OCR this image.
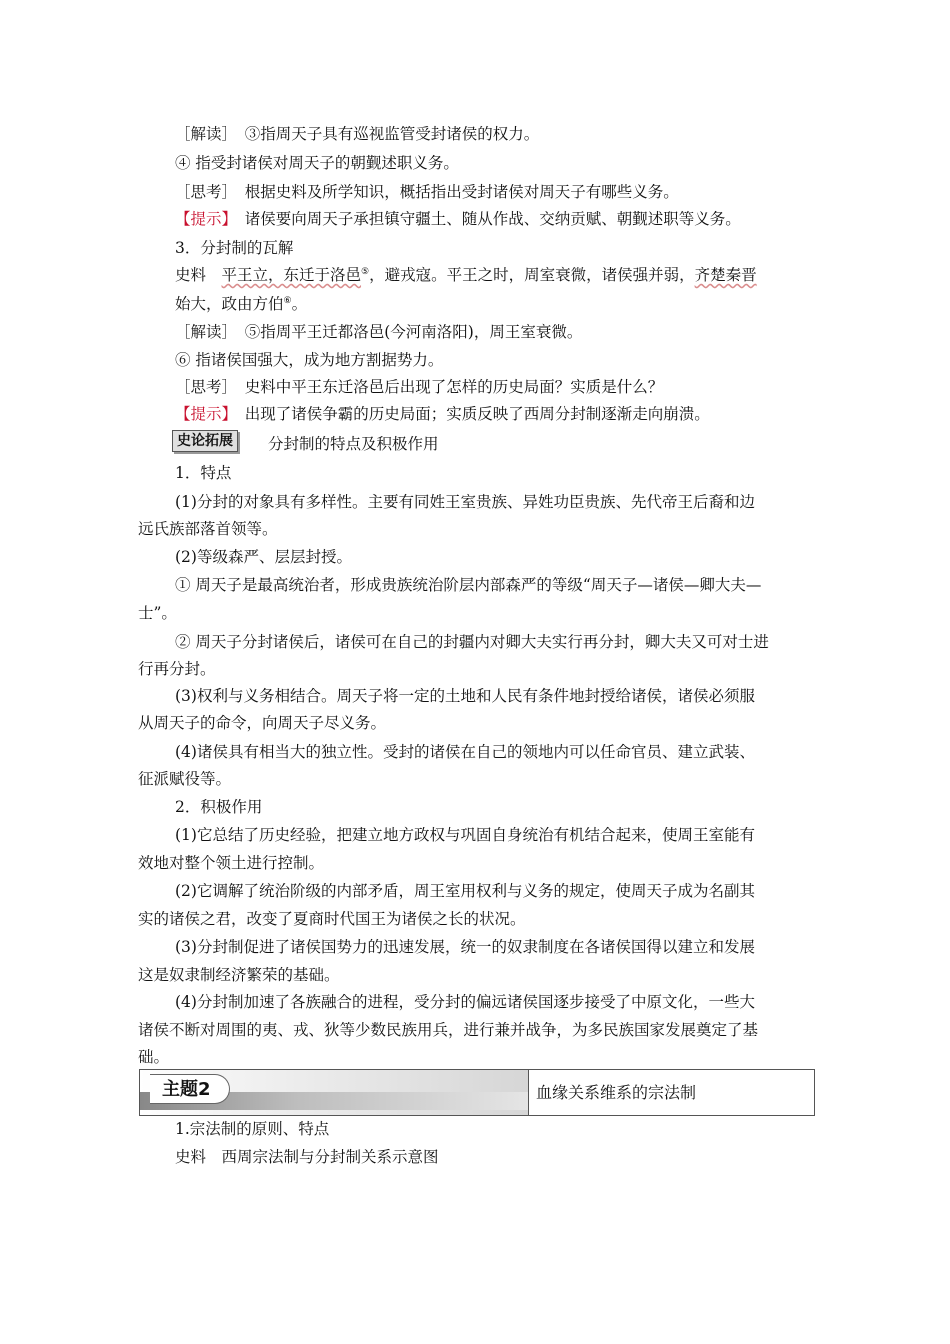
［解读］　③指周天子具有巡视监管受封诸侯的权力。
④ 指受封诸侯对周天子的朝觐述职义务。
［思考］　根据史料及所学知识，概括指出受封诸侯对周天子有哪些义务。
【提示】　诸侯要向周天子承担镇守疆土、随从作战、交纳贡赋、朝觐述职等义务。
3．分封制的瓦解
史料　平王立，东迁于洛邑⑤，避戎寇。平王之时，周室衰微，诸侯强并弱，齐楚秦晋
始大，政由方伯⑥。
［解读］　⑤指周平王迁都洛邑(今河南洛阳)，周王室衰微。
⑥ 指诸侯国强大，成为地方割据势力。
［思考］　史料中平王东迁洛邑后出现了怎样的历史局面？实质是什么？
【提示】　出现了诸侯争霸的历史局面；实质反映了西周分封制逐渐走向崩溃。
史论拓展	分封制的特点及积极作用
1．特点
(1)分封的对象具有多样性。主要有同姓王室贵族、异姓功臣贵族、先代帝王后裔和边
远氏族部落首领等。
(2)等级森严、层层封授。
① 周天子是最高统治者，形成贵族统治阶层内部森严的等级“周天子—诸侯—卿大夫—
士”。
② 周天子分封诸侯后，诸侯可在自己的封疆内对卿大夫实行再分封，卿大夫又可对士进
行再分封。
(3)权利与义务相结合。周天子将一定的土地和人民有条件地封授给诸侯，诸侯必须服
从周天子的命令，向周天子尽义务。
(4)诸侯具有相当大的独立性。受封的诸侯在自己的领地内可以任命官员、建立武装、
征派赋役等。
2．积极作用
(1)它总结了历史经验，把建立地方政权与巩固自身统治有机结合起来，使周王室能有
效地对整个领土进行控制。
(2)它调解了统治阶级的内部矛盾，周王室用权利与义务的规定，使周天子成为名副其
实的诸侯之君，改变了夏商时代国王为诸侯之长的状况。
(3)分封制促进了诸侯国势力的迅速发展，统一的奴隶制度在各诸侯国得以建立和发展
这是奴隶制经济繁荣的基础。
(4)分封制加速了各族融合的进程，受分封的偏远诸侯国逐步接受了中原文化，一些大
诸侯不断对周围的夷、戎、狄等少数民族用兵，进行兼并战争，为多民族国家发展奠定了基
础。
主题2	血缘关系维系的宗法制
1.宗法制的原则、特点
史料　西周宗法制与分封制关系示意图
